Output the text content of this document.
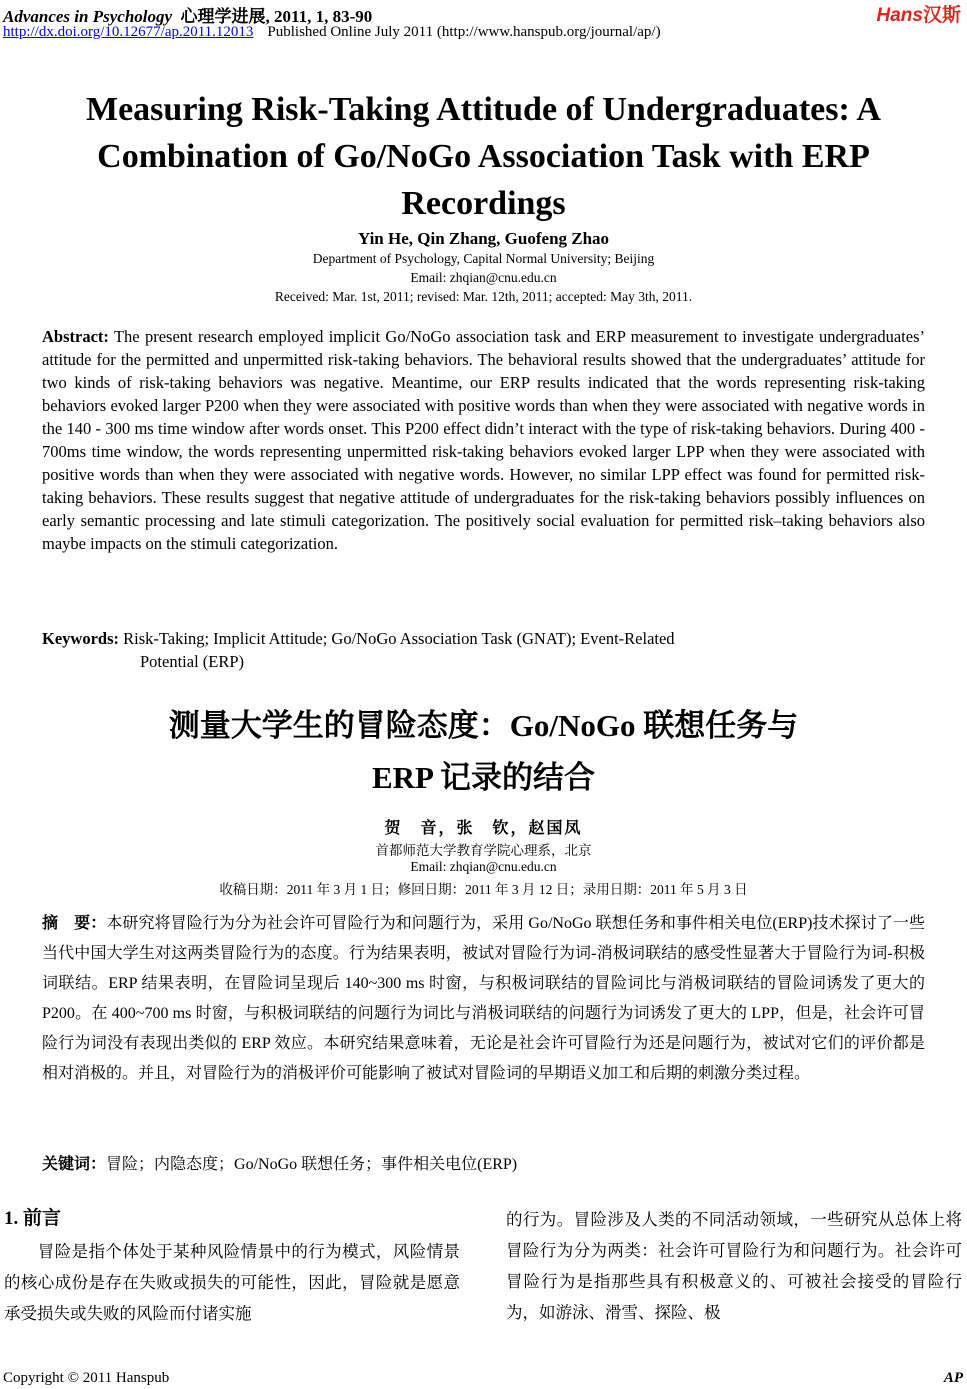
Advances in Psychology 心理学进展, 2011, 1, 83-90
http://dx.doi.org/10.12677/ap.2011.12013 Published Online July 2011 (http://www.hanspub.org/journal/ap/)
Hans汉斯
Measuring Risk-Taking Attitude of Undergraduates: A Combination of Go/NoGo Association Task with ERP Recordings
Yin He, Qin Zhang, Guofeng Zhao
Department of Psychology, Capital Normal University; Beijing
Email: zhqian@cnu.edu.cn
Received: Mar. 1st, 2011; revised: Mar. 12th, 2011; accepted: May 3th, 2011.
Abstract: The present research employed implicit Go/NoGo association task and ERP measurement to investigate undergraduates’ attitude for the permitted and unpermitted risk-taking behaviors. The behavioral results showed that the undergraduates’ attitude for two kinds of risk-taking behaviors was negative. Meantime, our ERP results indicated that the words representing risk-taking behaviors evoked larger P200 when they were associated with positive words than when they were associated with negative words in the 140 - 300 ms time window after words onset. This P200 effect didn’t interact with the type of risk-taking behaviors. During 400 - 700ms time window, the words representing unpermitted risk-taking behaviors evoked larger LPP when they were associated with positive words than when they were associated with negative words. However, no similar LPP effect was found for permitted risk-taking behaviors. These results suggest that negative attitude of undergraduates for the risk-taking behaviors possibly influences on early semantic processing and late stimuli categorization. The positively social evaluation for permitted risk–taking behaviors also maybe impacts on the stimuli categorization.
Keywords: Risk-Taking; Implicit Attitude; Go/NoGo Association Task (GNAT); Event-Related
Potential (ERP)
测量大学生的冒险态度：Go/NoGo 联想任务与
ERP 记录的结合
贺　音，张　钦，赵国凤
首都师范大学教育学院心理系，北京
Email: zhqian@cnu.edu.cn
收稿日期：2011 年 3 月 1 日；修回日期：2011 年 3 月 12 日；录用日期：2011 年 5 月 3 日
摘　要：本研究将冒险行为分为社会许可冒险行为和问题行为，采用 Go/NoGo 联想任务和事件相关电位(ERP)技术探讨了一些当代中国大学生对这两类冒险行为的态度。行为结果表明，被试对冒险行为词-消极词联结的感受性显著大于冒险行为词-积极词联结。ERP 结果表明，在冒险词呈现后 140~300 ms 时窗，与积极词联结的冒险词比与消极词联结的冒险词诱发了更大的 P200。在 400~700 ms 时窗，与积极词联结的问题行为词比与消极词联结的问题行为词诱发了更大的 LPP，但是，社会许可冒险行为词没有表现出类似的 ERP 效应。本研究结果意味着，无论是社会许可冒险行为还是问题行为，被试对它们的评价都是相对消极的。并且，对冒险行为的消极评价可能影响了被试对冒险词的早期语义加工和后期的刺激分类过程。
关键词：冒险；内隐态度；Go/NoGo 联想任务；事件相关电位(ERP)
1. 前言
　　冒险是指个体处于某种风险情景中的行为模式，风险情景的核心成份是存在失败或损失的可能性，因此，冒险就是愿意承受损失或失败的风险而付诸实施
的行为。冒险涉及人类的不同活动领域，一些研究从总体上将冒险行为分为两类：社会许可冒险行为和问题行为。社会许可冒险行为是指那些具有积极意义的、可被社会接受的冒险行为，如游泳、滑雪、探险、极
Copyright © 2011 Hanspub	AP
